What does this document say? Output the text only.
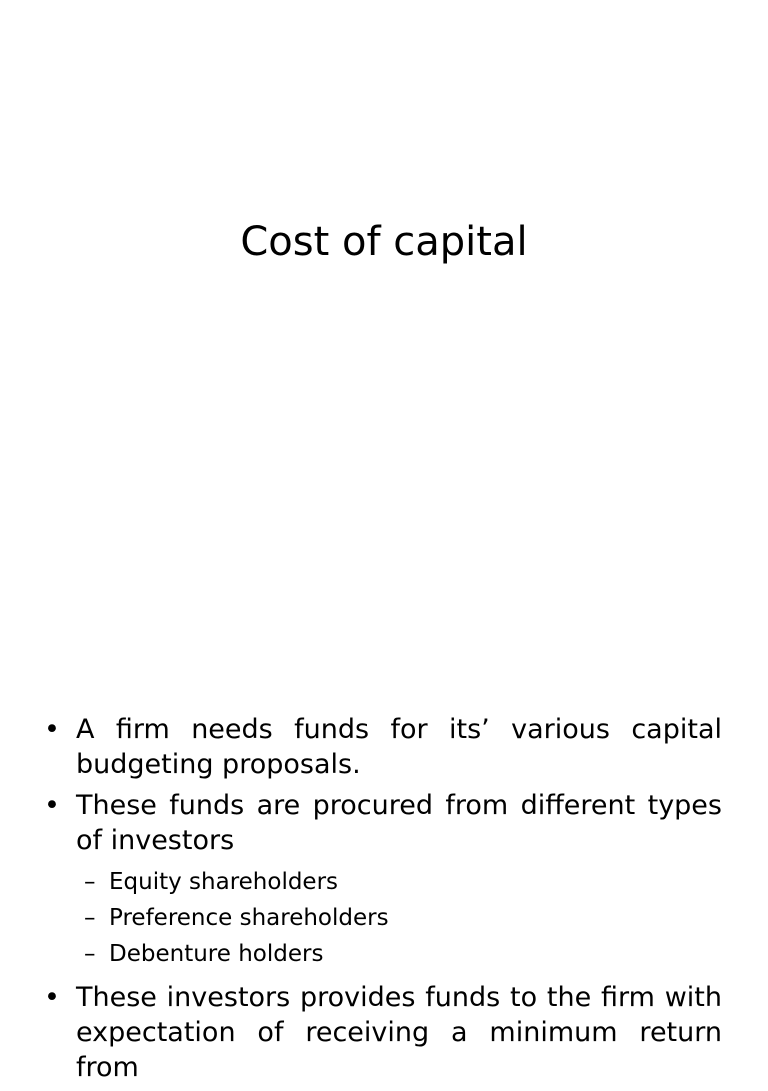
Cost of capital
• A firm needs funds for its’ various capital budgeting proposals.
• These funds are procured from different types of investors
– Equity shareholders
– Preference shareholders
– Debenture holders
• These investors provides funds to the firm with expectation of receiving a minimum return from
